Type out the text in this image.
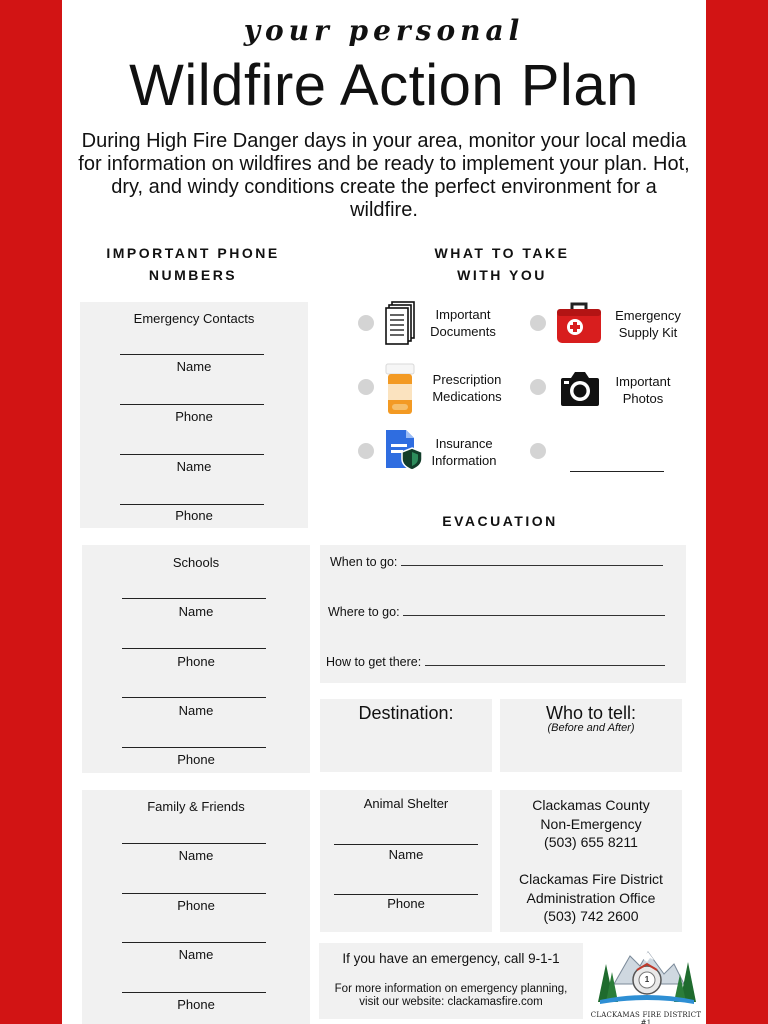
your personal
Wildfire Action Plan
During High Fire Danger days in your area, monitor your local media for information on wildfires and be ready to implement your plan. Hot, dry, and windy conditions create the perfect environment for a wildfire.
IMPORTANT PHONE
NUMBERS
WHAT TO TAKE
WITH YOU
Emergency Contacts
Name
Phone
Name
Phone
Schools
Name
Phone
Name
Phone
Family & Friends
Name
Phone
Name
Phone
Important
Documents
Emergency
Supply Kit
Prescription
Medications
Important
Photos
Insurance
Information
EVACUATION
When to go:
Where to go:
How to get there:
Destination:	Who to tell:
(Before and After)
Animal Shelter
Name
Phone
Clackamas County
Non-Emergency
(503) 655 8211
Clackamas Fire District
Administration Office
(503) 742 2600
If you have an emergency, call 9-1-1
For more information on emergency planning,
visit our website: clackamasfire.com
1
CLACKAMAS FIRE DISTRICT #1
